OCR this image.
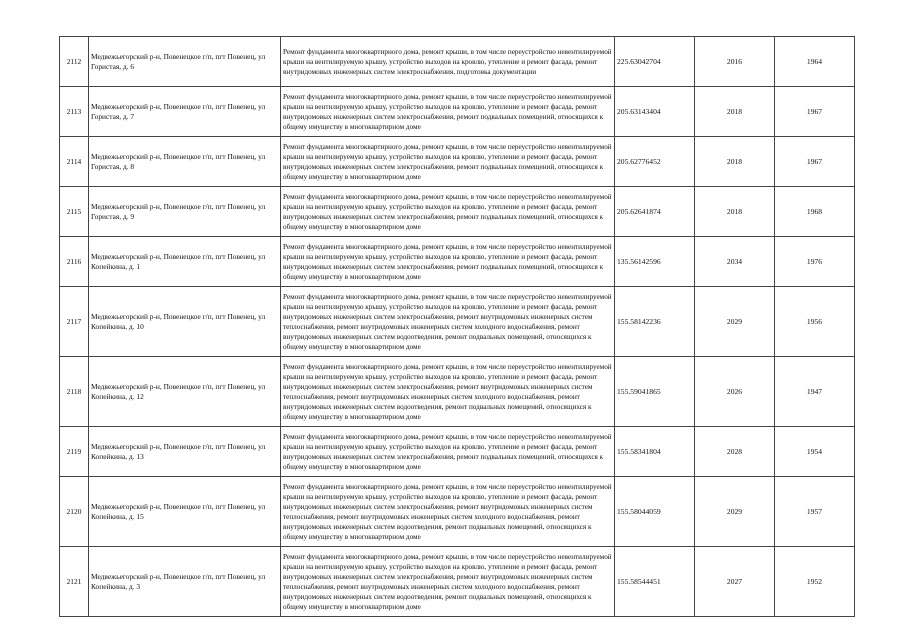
2112	Медвежьегорский р-н, Повенецкое г/п, пгт Повенец, ул Гористая, д. 6	Ремонт фундамента многоквартирного дома, ремонт крыши, в том числе переустройство невентилируемой крыши на вентилируемую крышу, устройство выходов на кровлю, утепление и ремонт фасада, ремонт внутридомовых инженерных систем электроснабжения, подготовка документации	225.63042704	2016	1964
2113	Медвежьегорский р-н, Повенецкое г/п, пгт Повенец, ул Гористая, д. 7	Ремонт фундамента многоквартирного дома, ремонт крыши, в том числе переустройство невентилируемой крыши на вентилируемую крышу, устройство выходов на кровлю, утепление и ремонт фасада, ремонт внутридомовых инженерных систем электроснабжения, ремонт подвальных помещений, относящихся к общему имуществу в многоквартирном доме	205.63143404	2018	1967
2114	Медвежьегорский р-н, Повенецкое г/п, пгт Повенец, ул Гористая, д. 8	Ремонт фундамента многоквартирного дома, ремонт крыши, в том числе переустройство невентилируемой крыши на вентилируемую крышу, устройство выходов на кровлю, утепление и ремонт фасада, ремонт внутридомовых инженерных систем электроснабжения, ремонт подвальных помещений, относящихся к общему имуществу в многоквартирном доме	205.62776452	2018	1967
2115	Медвежьегорский р-н, Повенецкое г/п, пгт Повенец, ул Гористая, д. 9	Ремонт фундамента многоквартирного дома, ремонт крыши, в том числе переустройство невентилируемой крыши на вентилируемую крышу, устройство выходов на кровлю, утепление и ремонт фасада, ремонт внутридомовых инженерных систем электроснабжения, ремонт подвальных помещений, относящихся к общему имуществу в многоквартирном доме	205.62641874	2018	1968
2116	Медвежьегорский р-н, Повенецкое г/п, пгт Повенец, ул Копейкина, д. 1	Ремонт фундамента многоквартирного дома, ремонт крыши, в том числе переустройство невентилируемой крыши на вентилируемую крышу, устройство выходов на кровлю, утепление и ремонт фасада, ремонт внутридомовых инженерных систем электроснабжения, ремонт подвальных помещений, относящихся к общему имуществу в многоквартирном доме	135.56142596	2034	1976
2117	Медвежьегорский р-н, Повенецкое г/п, пгт Повенец, ул Копейкина, д. 10	Ремонт фундамента многоквартирного дома, ремонт крыши, в том числе переустройство невентилируемой крыши на вентилируемую крышу, устройство выходов на кровлю, утепление и ремонт фасада, ремонт внутридомовых инженерных систем электроснабжения, ремонт внутридомовых инженерных систем теплоснабжения, ремонт внутридомовых инженерных систем холодного водоснабжения, ремонт внутридомовых инженерных систем водоотведения, ремонт подвальных помещений, относящихся к общему имуществу в многоквартирном доме	155.58142236	2029	1956
2118	Медвежьегорский р-н, Повенецкое г/п, пгт Повенец, ул Копейкина, д. 12	Ремонт фундамента многоквартирного дома, ремонт крыши, в том числе переустройство невентилируемой крыши на вентилируемую крышу, устройство выходов на кровлю, утепление и ремонт фасада, ремонт внутридомовых инженерных систем электроснабжения, ремонт внутридомовых инженерных систем теплоснабжения, ремонт внутридомовых инженерных систем холодного водоснабжения, ремонт внутридомовых инженерных систем водоотведения, ремонт подвальных помещений, относящихся к общему имуществу в многоквартирном доме	155.59041865	2026	1947
2119	Медвежьегорский р-н, Повенецкое г/п, пгт Повенец, ул Копейкина, д. 13	Ремонт фундамента многоквартирного дома, ремонт крыши, в том числе переустройство невентилируемой крыши на вентилируемую крышу, устройство выходов на кровлю, утепление и ремонт фасада, ремонт внутридомовых инженерных систем электроснабжения, ремонт подвальных помещений, относящихся к общему имуществу в многоквартирном доме	155.58341804	2028	1954
2120	Медвежьегорский р-н, Повенецкое г/п, пгт Повенец, ул Копейкина, д. 15	Ремонт фундамента многоквартирного дома, ремонт крыши, в том числе переустройство невентилируемой крыши на вентилируемую крышу, устройство выходов на кровлю, утепление и ремонт фасада, ремонт внутридомовых инженерных систем электроснабжения, ремонт внутридомовых инженерных систем теплоснабжения, ремонт внутридомовых инженерных систем холодного водоснабжения, ремонт внутридомовых инженерных систем водоотведения, ремонт подвальных помещений, относящихся к общему имуществу в многоквартирном доме	155.58044059	2029	1957
2121	Медвежьегорский р-н, Повенецкое г/п, пгт Повенец, ул Копейкина, д. 3	Ремонт фундамента многоквартирного дома, ремонт крыши, в том числе переустройство невентилируемой крыши на вентилируемую крышу, устройство выходов на кровлю, утепление и ремонт фасада, ремонт внутридомовых инженерных систем электроснабжения, ремонт внутридомовых инженерных систем теплоснабжения, ремонт внутридомовых инженерных систем холодного водоснабжения, ремонт внутридомовых инженерных систем водоотведения, ремонт подвальных помещений, относящихся к общему имуществу в многоквартирном доме	155.58544451	2027	1952
